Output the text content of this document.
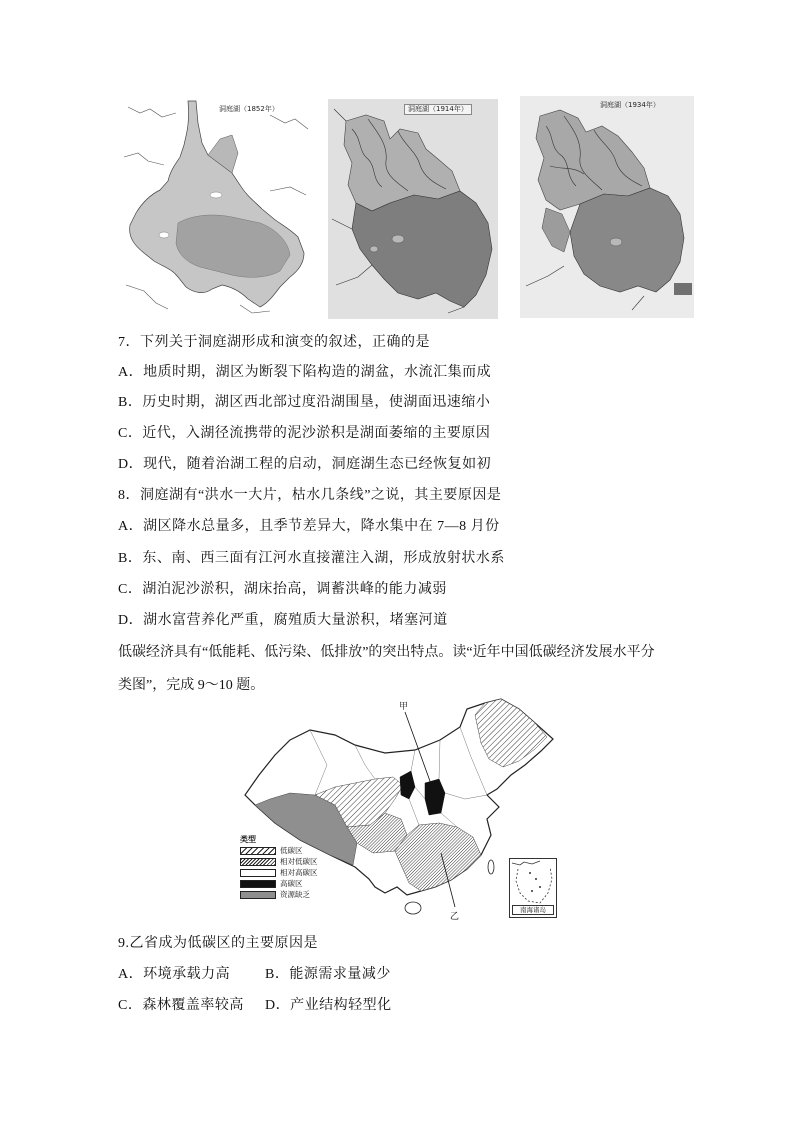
洞庭湖（1852年）	洞庭湖（1914年）	洞庭湖（1934年）
7．下列关于洞庭湖形成和演变的叙述，正确的是
A．地质时期，湖区为断裂下陷构造的湖盆，水流汇集而成
B．历史时期，湖区西北部过度沿湖围垦，使湖面迅速缩小
C．近代，入湖径流携带的泥沙淤积是湖面萎缩的主要原因
D．现代，随着治湖工程的启动，洞庭湖生态已经恢复如初
8．洞庭湖有“洪水一大片，枯水几条线”之说，其主要原因是
A．湖区降水总量多，且季节差异大，降水集中在 7—8 月份
B．东、南、西三面有江河水直接灌注入湖，形成放射状水系
C．湖泊泥沙淤积，湖床抬高，调蓄洪峰的能力减弱
D．湖水富营养化严重，腐殖质大量淤积，堵塞河道
低碳经济具有“低能耗、低污染、低排放”的突出特点。读“近年中国低碳经济发展水平分
类图”，完成 9～10 题。
甲
乙
类型
低碳区
相对低碳区
相对高碳区
高碳区
资源缺乏
南海诸岛
9.乙省成为低碳区的主要原因是
A．环境承载力高 B．能源需求量减少
C．森林覆盖率较高 D．产业结构轻型化
